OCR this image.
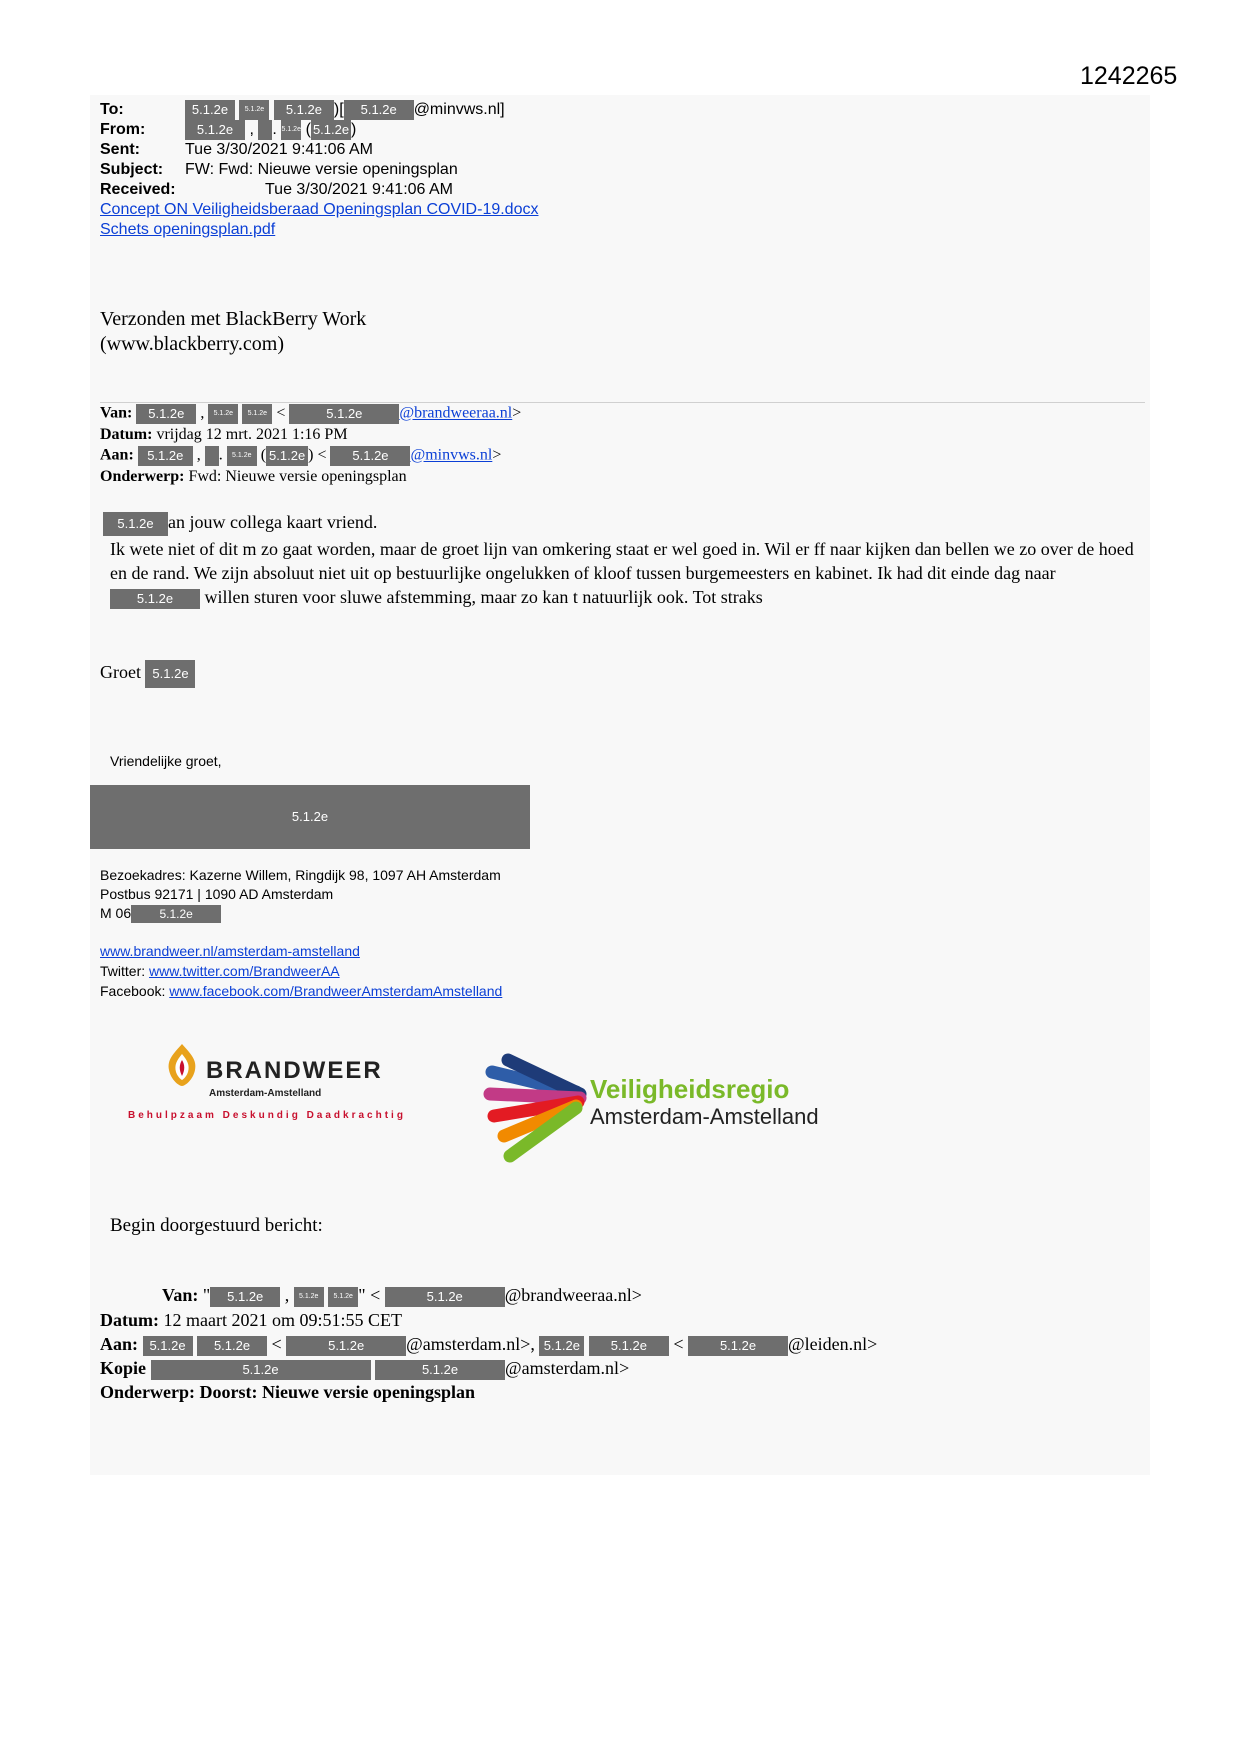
1242265
To:	5.1.2e 5.1.2e 5.1.2e )[ 5.1.2e @minvws.nl]
From:	5.1.2e , . 5.1.2e ( 5.1.2e )
Sent:	Tue 3/30/2021 9:41:06 AM
Subject: FW: Fwd: Nieuwe versie openingsplan
Received:	Tue 3/30/2021 9:41:06 AM
Concept ON Veiligheidsberaad Openingsplan COVID-19.docx
Schets openingsplan.pdf
Verzonden met BlackBerry Work
(www.blackberry.com)
Van: 5.1.2e , 5.1.2e 5.1.2e <	5.1.2e @brandweeraa.nl>
Datum: vrijdag 12 mrt. 2021 1:16 PM
Aan: 5.1.2e , . 5.1.2e ( 5.1.2e ) < 5.1.2e @minvws.nl>
Onderwerp: Fwd: Nieuwe versie openingsplan
5.1.2e an jouw collega kaart vriend.
Ik wete niet of dit m zo gaat worden, maar de groet lijn van omkering staat er wel goed in. Wil er ff naar kijken dan bellen we zo over de hoed en de rand. We zijn absoluut niet uit op bestuurlijke ongelukken of kloof tussen burgemeesters en kabinet. Ik had dit einde dag naar 5.1.2e willen sturen voor sluwe afstemming, maar zo kan t natuurlijk ook. Tot straks
Groet 5.1.2e
Vriendelijke groet,
5.1.2e
Bezoekadres: Kazerne Willem, Ringdijk 98, 1097 AH Amsterdam
Postbus 92171 | 1090 AD Amsterdam
M 06 5.1.2e
www.brandweer.nl/amsterdam-amstelland
Twitter: www.twitter.com/BrandweerAA
Facebook: www.facebook.com/BrandweerAmsterdamAmstelland
BRANDWEER
Amsterdam-Amstelland
Behulpzaam Deskundig Daadkrachtig
Veiligheidsregio
Amsterdam-Amstelland
Begin doorgestuurd bericht:
Van: " 5.1.2e , 5.1.2e 5.1.2e " <	5.1.2e @brandweeraa.nl>
Datum: 12 maart 2021 om 09:51:55 CET
Aan: 5.1.2e 5.1.2e <	5.1.2e @amsterdam.nl>, 5.1.2e 5.1.2e < 5.1.2e @leiden.nl>
Kopie	5.1.2e	5.1.2e	@amsterdam.nl>
Onderwerp: Doorst: Nieuwe versie openingsplan
